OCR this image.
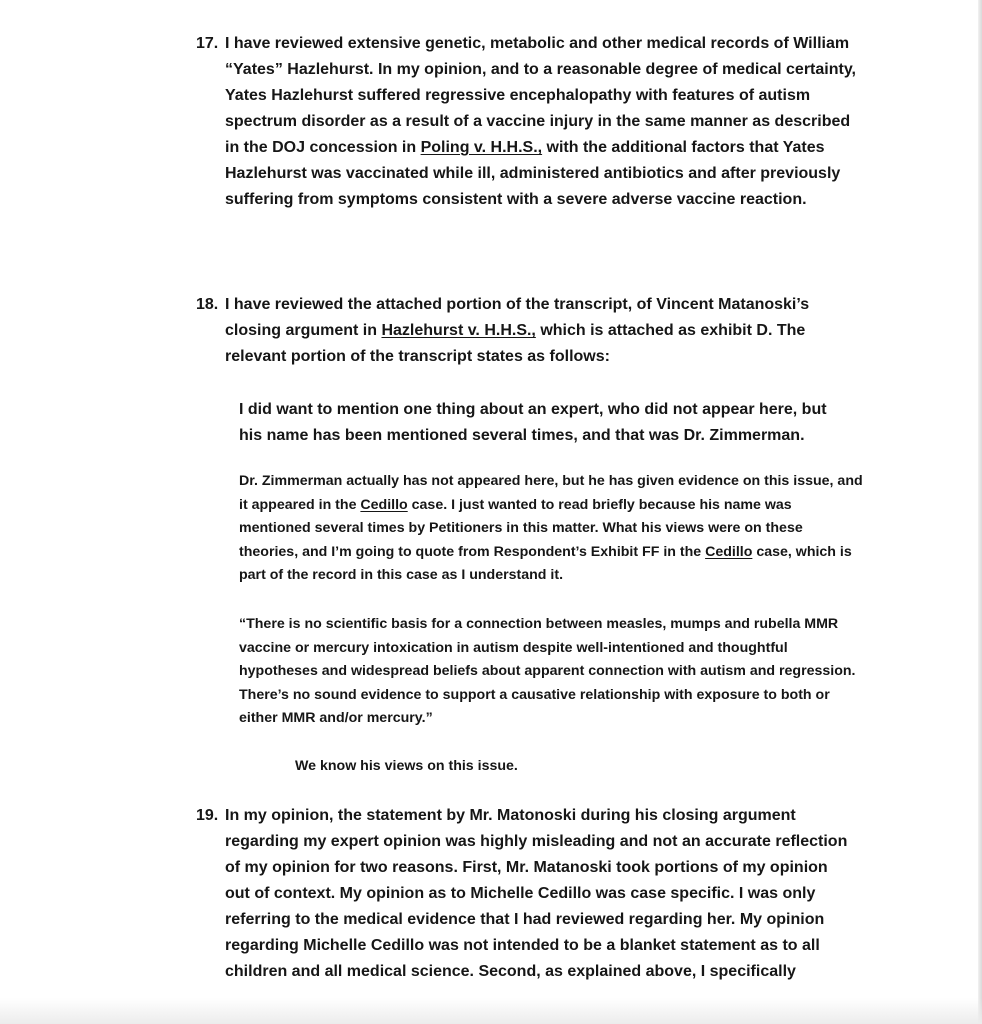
17. I have reviewed extensive genetic, metabolic and other medical records of William “Yates” Hazlehurst. In my opinion, and to a reasonable degree of medical certainty, Yates Hazlehurst suffered regressive encephalopathy with features of autism spectrum disorder as a result of a vaccine injury in the same manner as described in the DOJ concession in Poling v. H.H.S., with the additional factors that Yates Hazlehurst was vaccinated while ill, administered antibiotics and after previously suffering from symptoms consistent with a severe adverse vaccine reaction.
18. I have reviewed the attached portion of the transcript, of Vincent Matanoski’s closing argument in Hazlehurst v. H.H.S., which is attached as exhibit D. The relevant portion of the transcript states as follows:
I did want to mention one thing about an expert, who did not appear here, but his name has been mentioned several times, and that was Dr. Zimmerman.
Dr. Zimmerman actually has not appeared here, but he has given evidence on this issue, and it appeared in the Cedillo case. I just wanted to read briefly because his name was mentioned several times by Petitioners in this matter. What his views were on these theories, and I’m going to quote from Respondent’s Exhibit FF in the Cedillo case, which is part of the record in this case as I understand it.
“There is no scientific basis for a connection between measles, mumps and rubella MMR vaccine or mercury intoxication in autism despite well-intentioned and thoughtful hypotheses and widespread beliefs about apparent connection with autism and regression. There’s no sound evidence to support a causative relationship with exposure to both or either MMR and/or mercury.”
We know his views on this issue.
19. In my opinion, the statement by Mr. Matonoski during his closing argument regarding my expert opinion was highly misleading and not an accurate reflection of my opinion for two reasons. First, Mr. Matanoski took portions of my opinion out of context. My opinion as to Michelle Cedillo was case specific. I was only referring to the medical evidence that I had reviewed regarding her. My opinion regarding Michelle Cedillo was not intended to be a blanket statement as to all children and all medical science. Second, as explained above, I specifically
